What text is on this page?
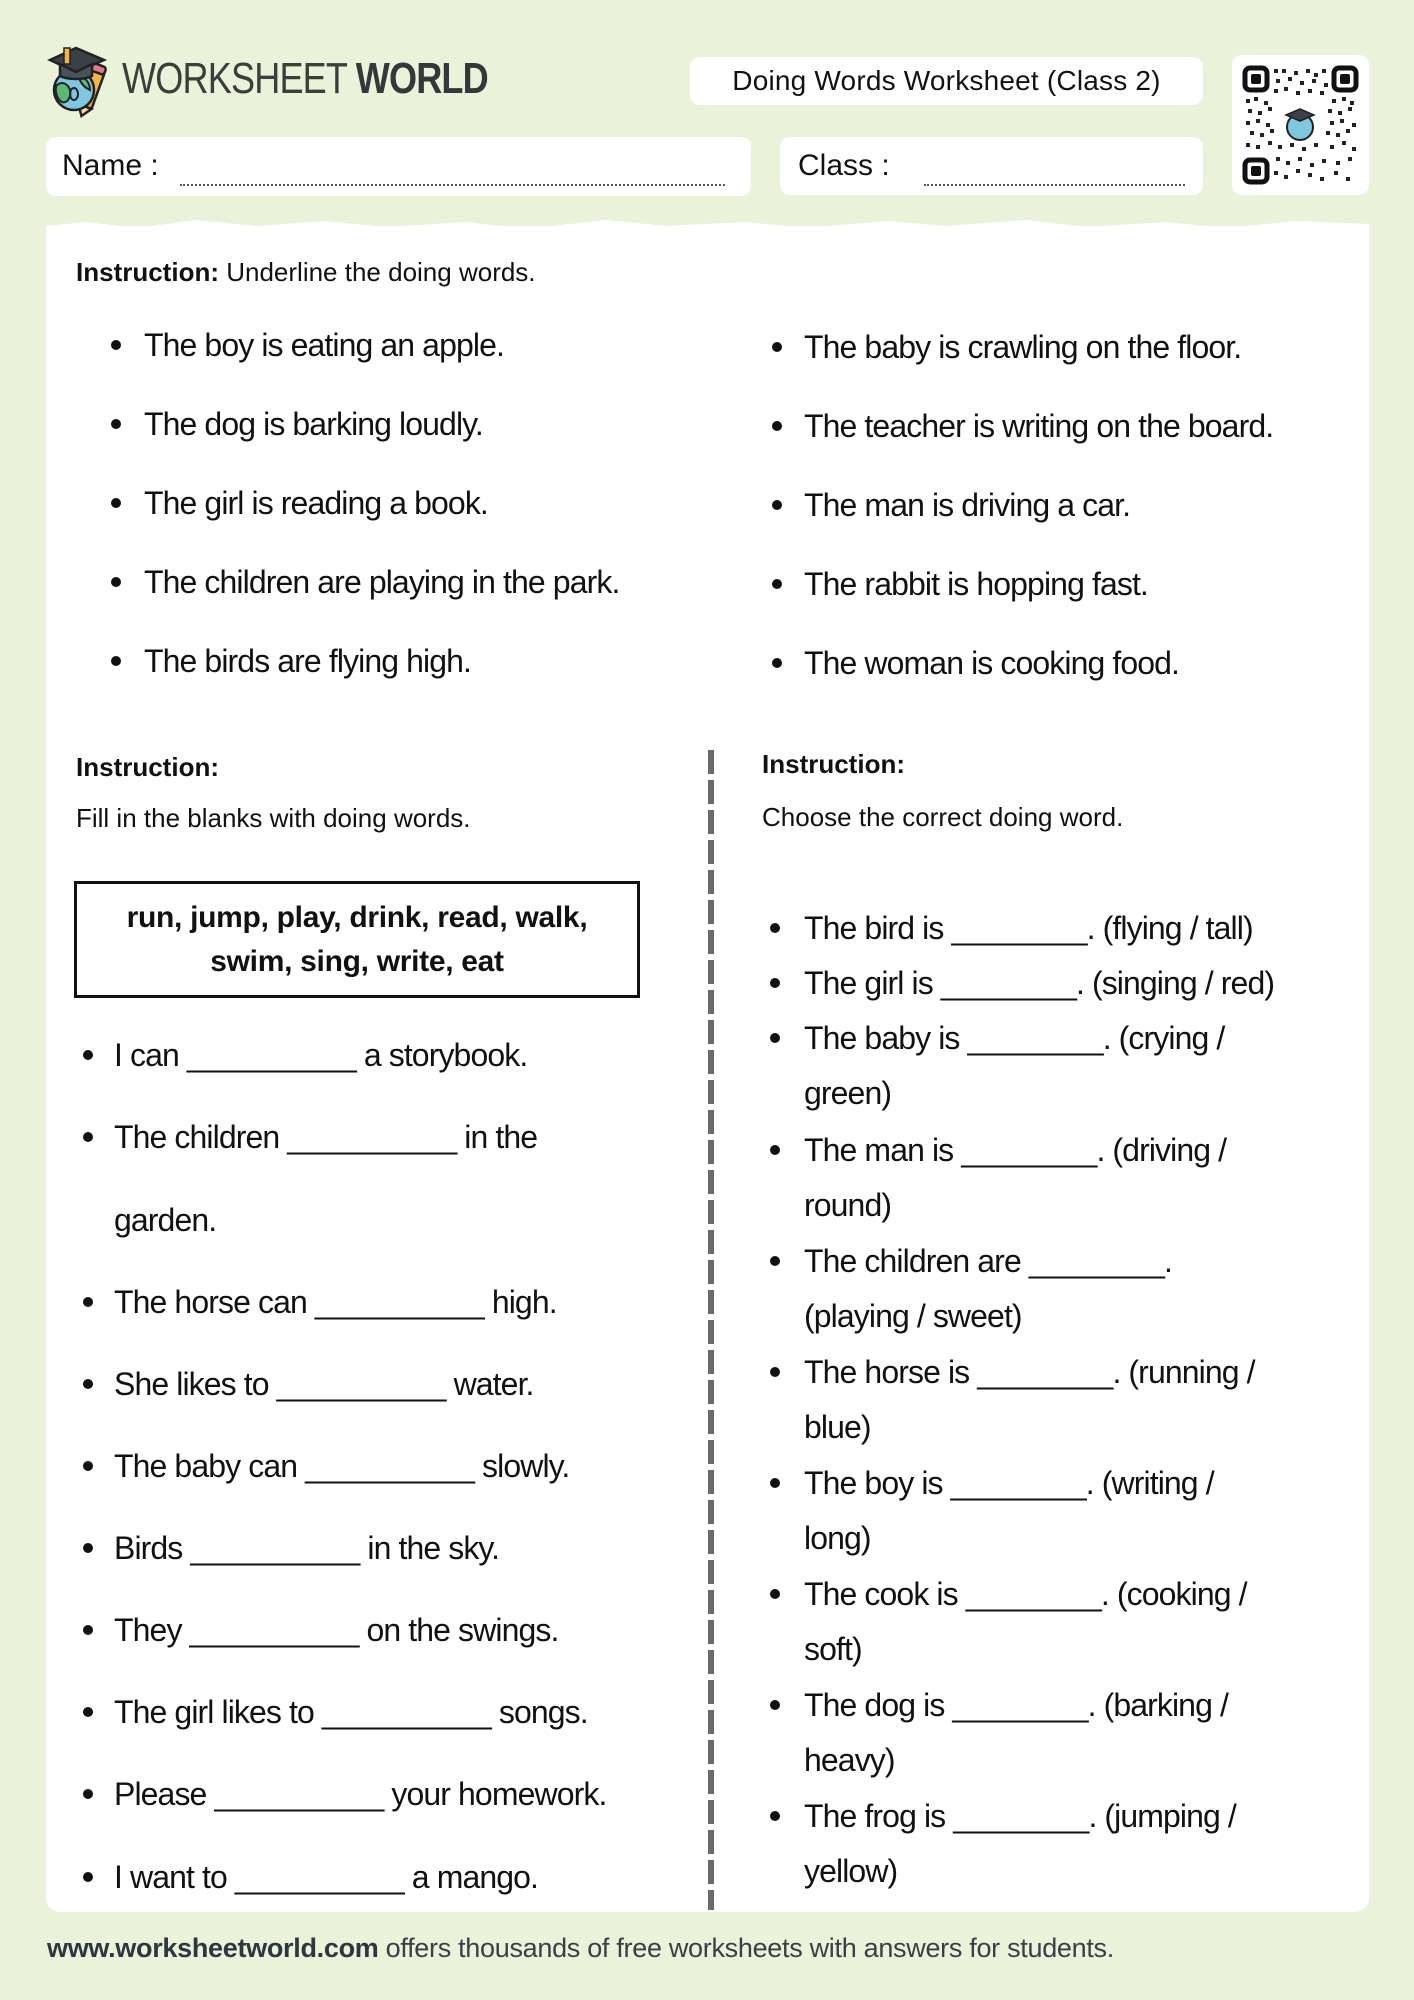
WORKSHEET WORLD	Doing Words Worksheet (Class 2)
Name :	Class :
Instruction: Underline the doing words.
The boy is eating an apple.
The dog is barking loudly.
The girl is reading a book.
The children are playing in the park.
The birds are flying high.
The baby is crawling on the floor.
The teacher is writing on the board.
The man is driving a car.
The rabbit is hopping fast.
The woman is cooking food.
Instruction:
Fill in the blanks with doing words.
run, jump, play, drink, read, walk,
swim, sing, write, eat
I can __________ a storybook.
The children __________ in the
garden.
The horse can __________ high.
She likes to __________ water.
The baby can __________ slowly.
Birds __________ in the sky.
They __________ on the swings.
The girl likes to __________ songs.
Please __________ your homework.
I want to __________ a mango.
Instruction:
Choose the correct doing word.
The bird is ________. (flying / tall)
The girl is ________. (singing / red)
The baby is ________. (crying /
green)
The man is ________. (driving /
round)
The children are ________.
(playing / sweet)
The horse is ________. (running /
blue)
The boy is ________. (writing /
long)
The cook is ________. (cooking /
soft)
The dog is ________. (barking /
heavy)
The frog is ________. (jumping /
yellow)
www.worksheetworld.com offers thousands of free worksheets with answers for students.
